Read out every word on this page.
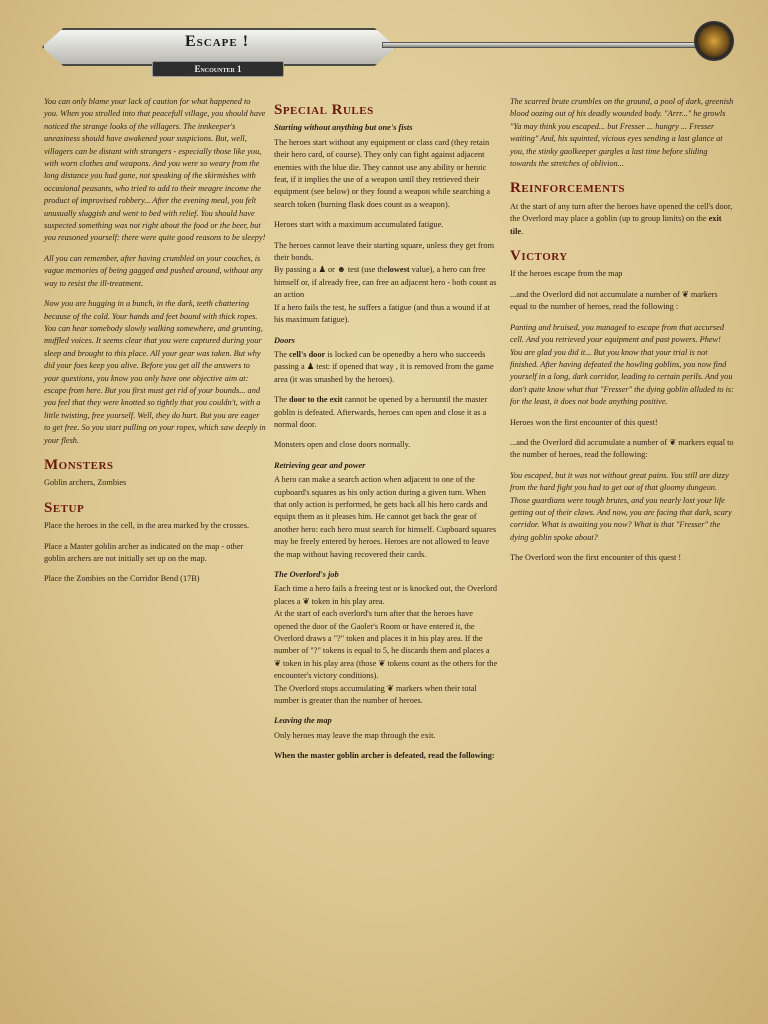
Escape !
Encounter 1

You can only blame your lack of caution for what happened to you. When you strolled into that peacefull village, you should have noticed the strange looks of the villagers. The innkeeper's uneasiness should have awakened your suspicions. But, well, villagers can be distant with strangers - especially those like you, with worn clothes and weapons. And you were so weary from the long distance you had gone, not speaking of the skirmishes with occasional peasants, who tried to add to their meagre income the product of improvised robbery... After the evening meal, you felt unusually sluggish and went to bed with relief. You should have suspected something was not right about the food or the beer, but you reasoned yourself: there were quite good reasons to be sleepy!

All you can remember, after having crumbled on your couches, is vague memories of being gagged and pushed around, without any way to resist the ill-treatment.

Now you are hugging in a bunch, in the dark, teeth chattering because of the cold. Your hands and feet bound with thick ropes. You can hear somebody slowly walking somewhere, and grunting, muffled voices. It seems clear that you were captured during your sleep and brought to this place. All your gear was taken. But why did your foes keep you alive. Before you get all the answers to your questions, you know you only have one objective aim at: escape from here. But you first must get rid of your bounds... and you feel that they were knotted so tightly that you couldn't, with a little twisting, free yourself. Well, they do hurt. But you are eager to get free. So you start pulling on your ropes, which saw deeply in your flesh.

Monsters

Goblin archers, Zombies

Setup

Place the heroes in the cell, in the area marked by the crosses.

Place a Master goblin archer as indicated on the map - other goblin archers are not initially set up on the map.

Place the Zombies on the Corridor Bend (17B)

Special Rules
Starting without anything but one's fists

The heroes start without any equipment or class card (they retain their hero card, of course). They only can fight against adjacent enemies with the blue die. They cannot use any ability or heroic feat, if it implies the use of a weapon until they retrieved their equipment (see below) or they found a weapon while searching a search token (burning flask does count as a weapon).

Heroes start with a maximum accumulated fatigue.

The heroes cannot leave their starting square, unless they get from their bonds.
By passing a ♟ or ☻ test (use thelowest value), a hero can free himself or, if already free, can free an adjacent hero - both count as an action
If a hero fails the test, he suffers a fatigue (and thus a wound if at his maximum fatigue).

Doors

The cell's door is locked can be openedby a hero who succeeds passing a ♟ test: if opened that way , it is removed from the game area (it was smashed by the heroes).

The door to the exit cannot be opened by a herountil the master goblin is defeated. Afterwards, heroes can open and close it as a normal door.

Monsters open and close doors normally.

Retrieving gear and power

A hero can make a search action when adjacent to one of the cupboard's squares as his only action during a given turn. When that only action is performed, he gets back all his hero cards and equips them as it pleases him. He cannot get back the gear of another hero: each hero must search for himself. Cupboard squares may be freely entered by heroes. Heroes are not allowed to leave the map without having recovered their cards.

The Overlord's job

Each time a hero fails a freeing test or is knocked out, the Overlord places a ❦ token in his play area.
At the start of each overlord's turn after that the heroes have opened the door of the Gaoler's Room or have entered it, the Overlord draws a "?" token and places it in his play area. If the number of "?" tokens is equal to 5, he discards them and places a ❦ token in his play area (those ❦ tokens count as the others for the encounter's victory conditions).
The Overlord stops accumulating ❦ markers when their total number is greater than the number of heroes.

Leaving the map

Only heroes may leave the map through the exit.

When the master goblin archer is defeated, read the following:

The scarred brute crumbles on the ground, a pool of dark, greenish blood oozing out of his deadly wounded body. "Arrr..." he growls "Ya may think you escaped... but Fresser ... hungry ... Fresser waiting" And, his squinted, vicious eyes sending a last glance at you, the stinky gaolkeeper gurgles a last time before sliding towards the stretches of oblivion...

Reinforcements

At the start of any turn after the heroes have opened the cell's door, the Overlord may place a goblin (up to group limits) on the exit tile.

Victory

If the heroes escape from the map

...and the Overlord did not accumulate a number of ❦ markers equal to the number of heroes, read the following :

Panting and bruised, you managed to escape from that accursed cell. And you retrieved your equipment and past powers. Phew! You are glad you did it... But you know that your trial is not finished. After having defeated the howling goblins, you now find yourself in a long, dark corridor, leading to certain perils. And you don't quite know what that "Fresser" the dying goblin alluded to is: for the least, it does not bode anything positive.

Heroes won the first encounter of this quest!

...and the Overlord did accumulate a number of ❦ markers equal to the number of heroes, read the following:

You escaped, but it was not without great pains. You still are dizzy from the hard fight you had to get out of that gloomy dungeon. Those guardians were tough brutes, and you nearly lost your life getting out of their claws. And now, you are facing that dark, scary corridor. What is awaiting you now? What is that "Fresser" the dying goblin spoke about?

The Overlord won the first encounter of this quest !
